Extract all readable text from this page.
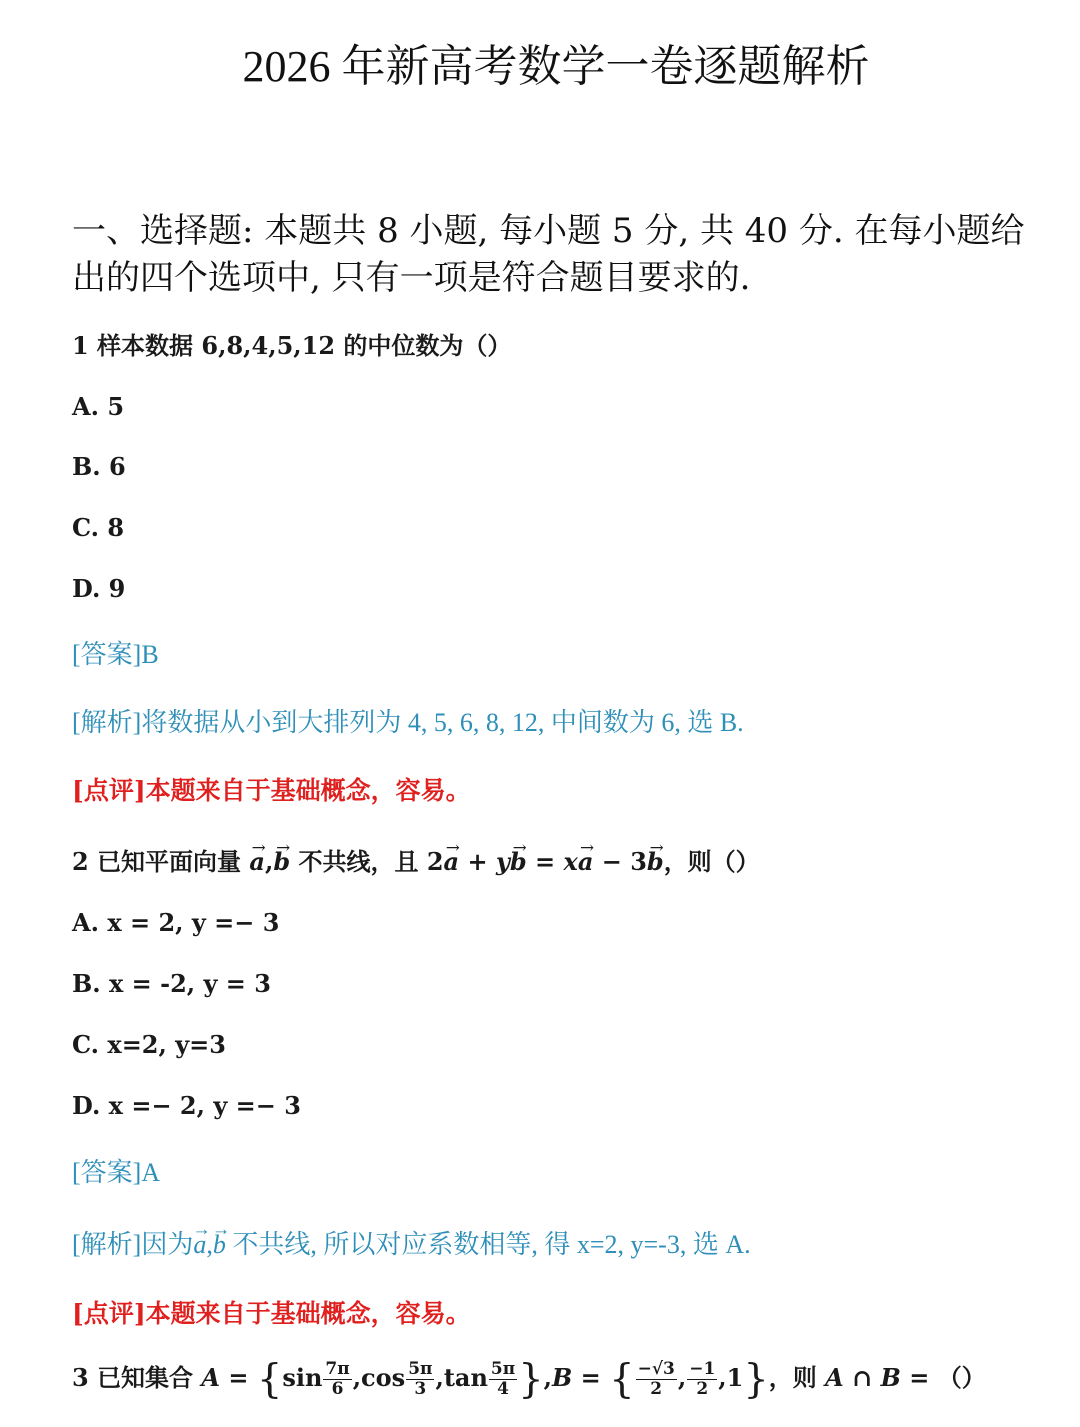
2026 年新高考数学一卷逐题解析
一、选择题: 本题共 8 小题, 每小题 5 分, 共 40 分. 在每小题给出的四个选项中, 只有一项是符合题目要求的.
1 样本数据 6,8,4,5,12 的中位数为（）
A. 5
B. 6
C. 8
D. 9
[答案]B
[解析]将数据从小到大排列为 4, 5, 6, 8, 12, 中间数为 6, 选 B.
[点评]本题来自于基础概念，容易。
2 已知平面向量 → a,→ b 不共线，且 2→ a + y→ b = x→ a − 3→ b，则（）
A. x = 2, y =− 3
B. x = -2, y = 3
C. x=2, y=3
D. x =− 2, y =− 3
[答案]A
[解析]因为→ a,→ b 不共线, 所以对应系数相等, 得 x=2, y=-3, 选 A.
[点评]本题来自于基础概念，容易。
3 已知集合 $A = \{\sin \frac{7\pi}{6} ,\cos \frac{5\pi}{3} ,\tan \frac{5\pi}{4} \},B$ = { $\frac{-√3}{2}$ , $\frac{-1}{2} ,1$}，则 A ∩ B = （）
